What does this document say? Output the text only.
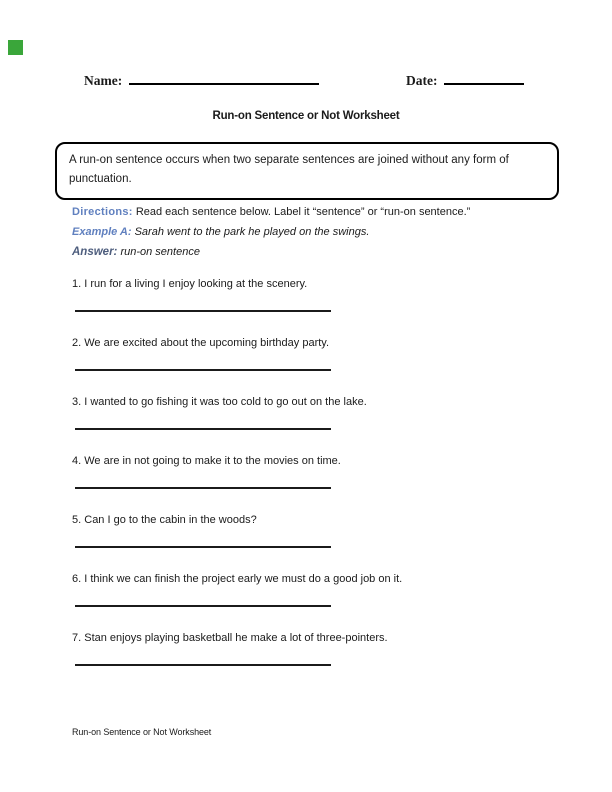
Name:	Date:
Run-on Sentence or Not Worksheet
A run-on sentence occurs when two separate sentences are joined without any form of punctuation.
Directions: Read each sentence below. Label it “sentence” or “run-on sentence.” Example A: Sarah went to the park he played on the swings.
Answer: run-on sentence
1. I run for a living I enjoy looking at the scenery.
2. We are excited about the upcoming birthday party.
3. I wanted to go fishing it was too cold to go out on the lake.
4. We are in not going to make it to the movies on time.
5. Can I go to the cabin in the woods?
6. I think we can finish the project early we must do a good job on it.
7. Stan enjoys playing basketball he make a lot of three-pointers.
Run-on Sentence or Not Worksheet
